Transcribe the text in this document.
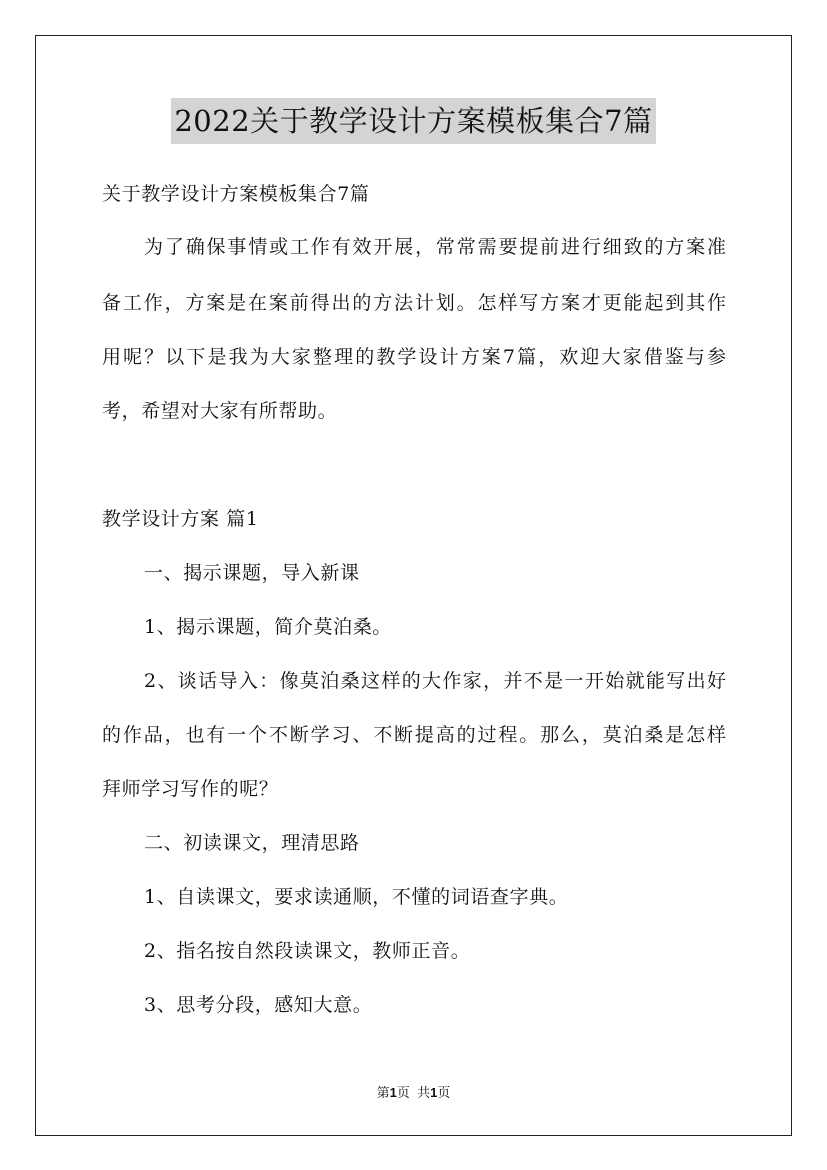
2022关于教学设计方案模板集合7篇
关于教学设计方案模板集合7篇
为了确保事情或工作有效开展，常常需要提前进行细致的方案准
备工作，方案是在案前得出的方法计划。怎样写方案才更能起到其作
用呢？以下是我为大家整理的教学设计方案7篇，欢迎大家借鉴与参
考，希望对大家有所帮助。
教学设计方案 篇1
一、揭示课题，导入新课
1、揭示课题，简介莫泊桑。
2、谈话导入：像莫泊桑这样的大作家，并不是一开始就能写出好
的作品，也有一个不断学习、不断提高的过程。那么，莫泊桑是怎样
拜师学习写作的呢？
二、初读课文，理清思路
1、自读课文，要求读通顺，不懂的词语查字典。
2、指名按自然段读课文，教师正音。
3、思考分段，感知大意。
第1页  共1页
